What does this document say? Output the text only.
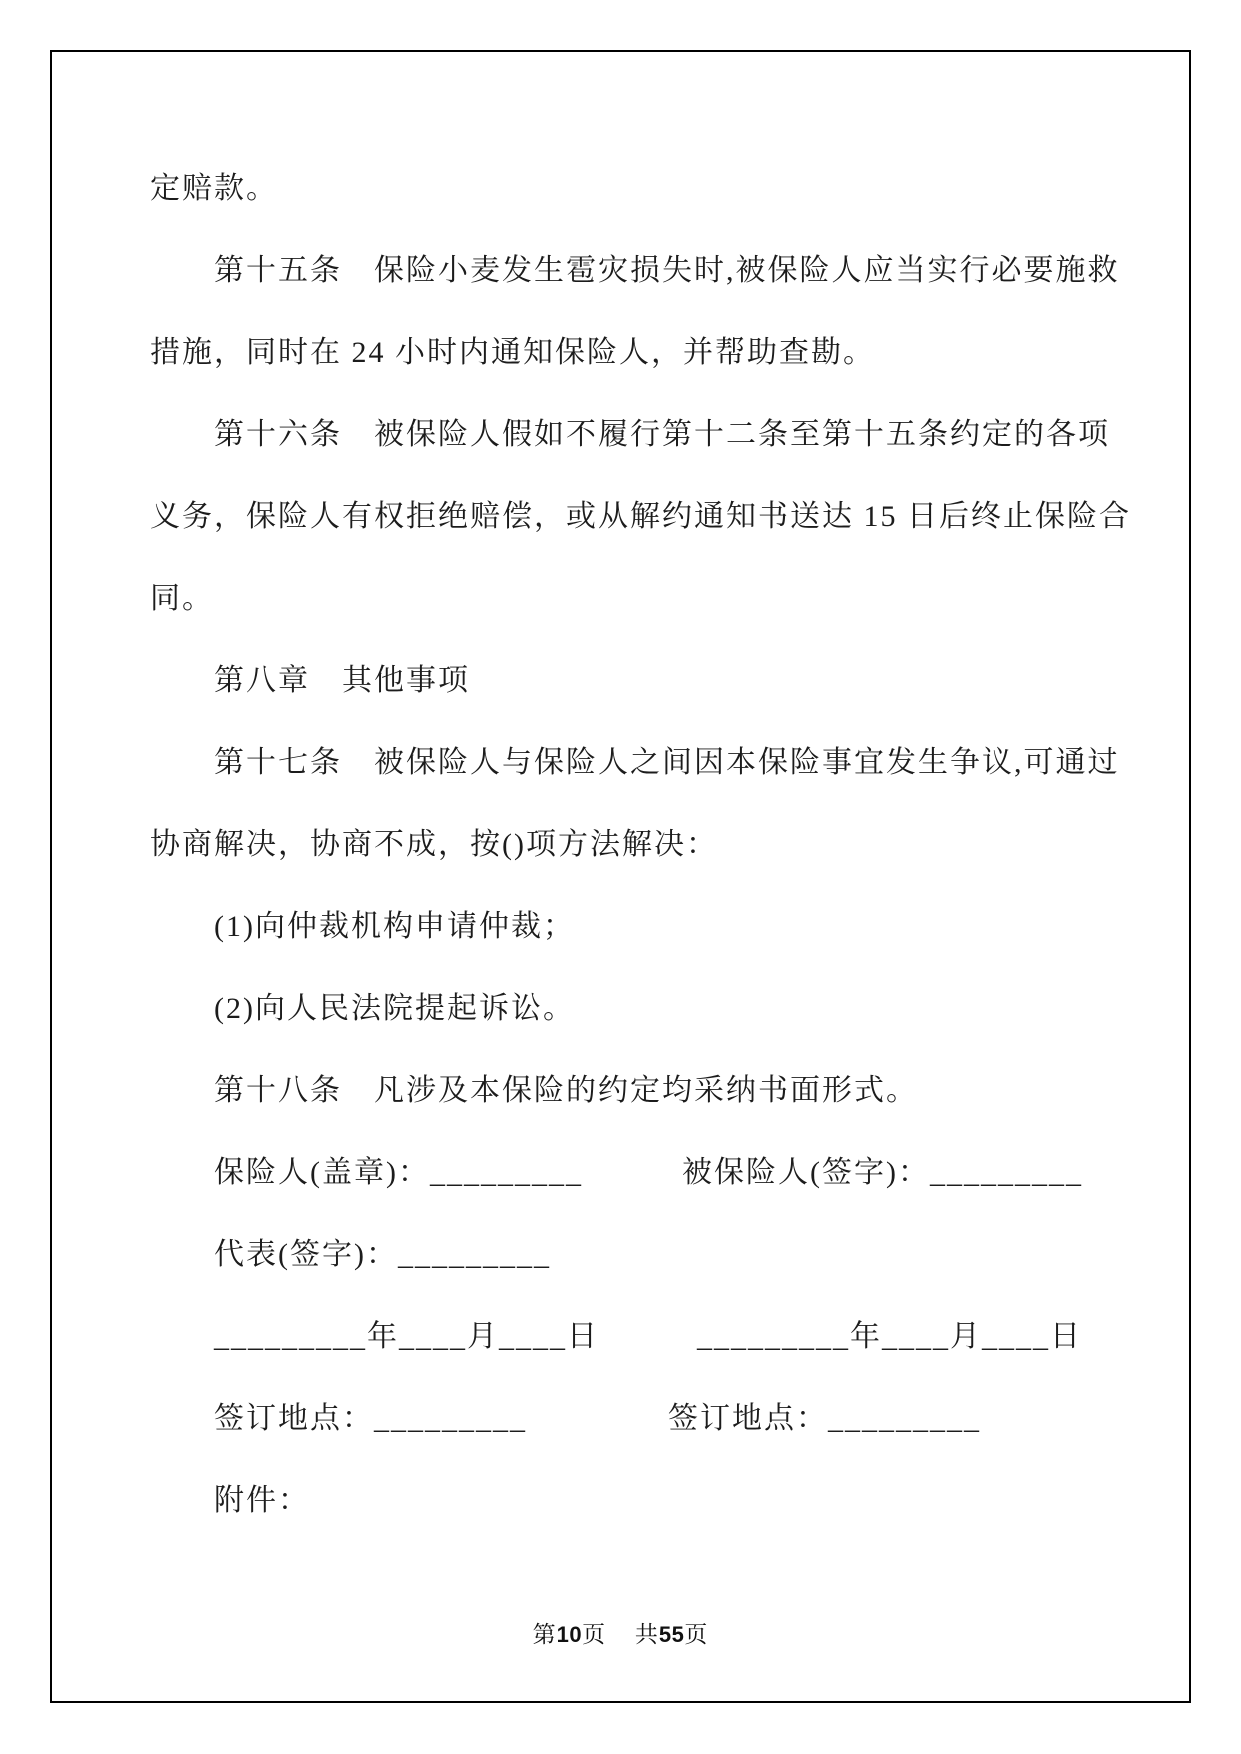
定赔款。
第十五条　保险小麦发生雹灾损失时,被保险人应当实行必要施救
措施，同时在 24 小时内通知保险人，并帮助查勘。
第十六条　被保险人假如不履行第十二条至第十五条约定的各项
义务，保险人有权拒绝赔偿，或从解约通知书送达 15 日后终止保险合
同。
第八章　其他事项
第十七条　被保险人与保险人之间因本保险事宜发生争议,可通过
协商解决，协商不成，按()项方法解决：
(1)向仲裁机构申请仲裁；
(2)向人民法院提起诉讼。
第十八条　凡涉及本保险的约定均采纳书面形式。
保险人(盖章)：_________	被保险人(签字)：_________
代表(签字)：_________
_________年____月____日	_________年____月____日
签订地点：_________	签订地点：_________
附件：
第10页 共55页
